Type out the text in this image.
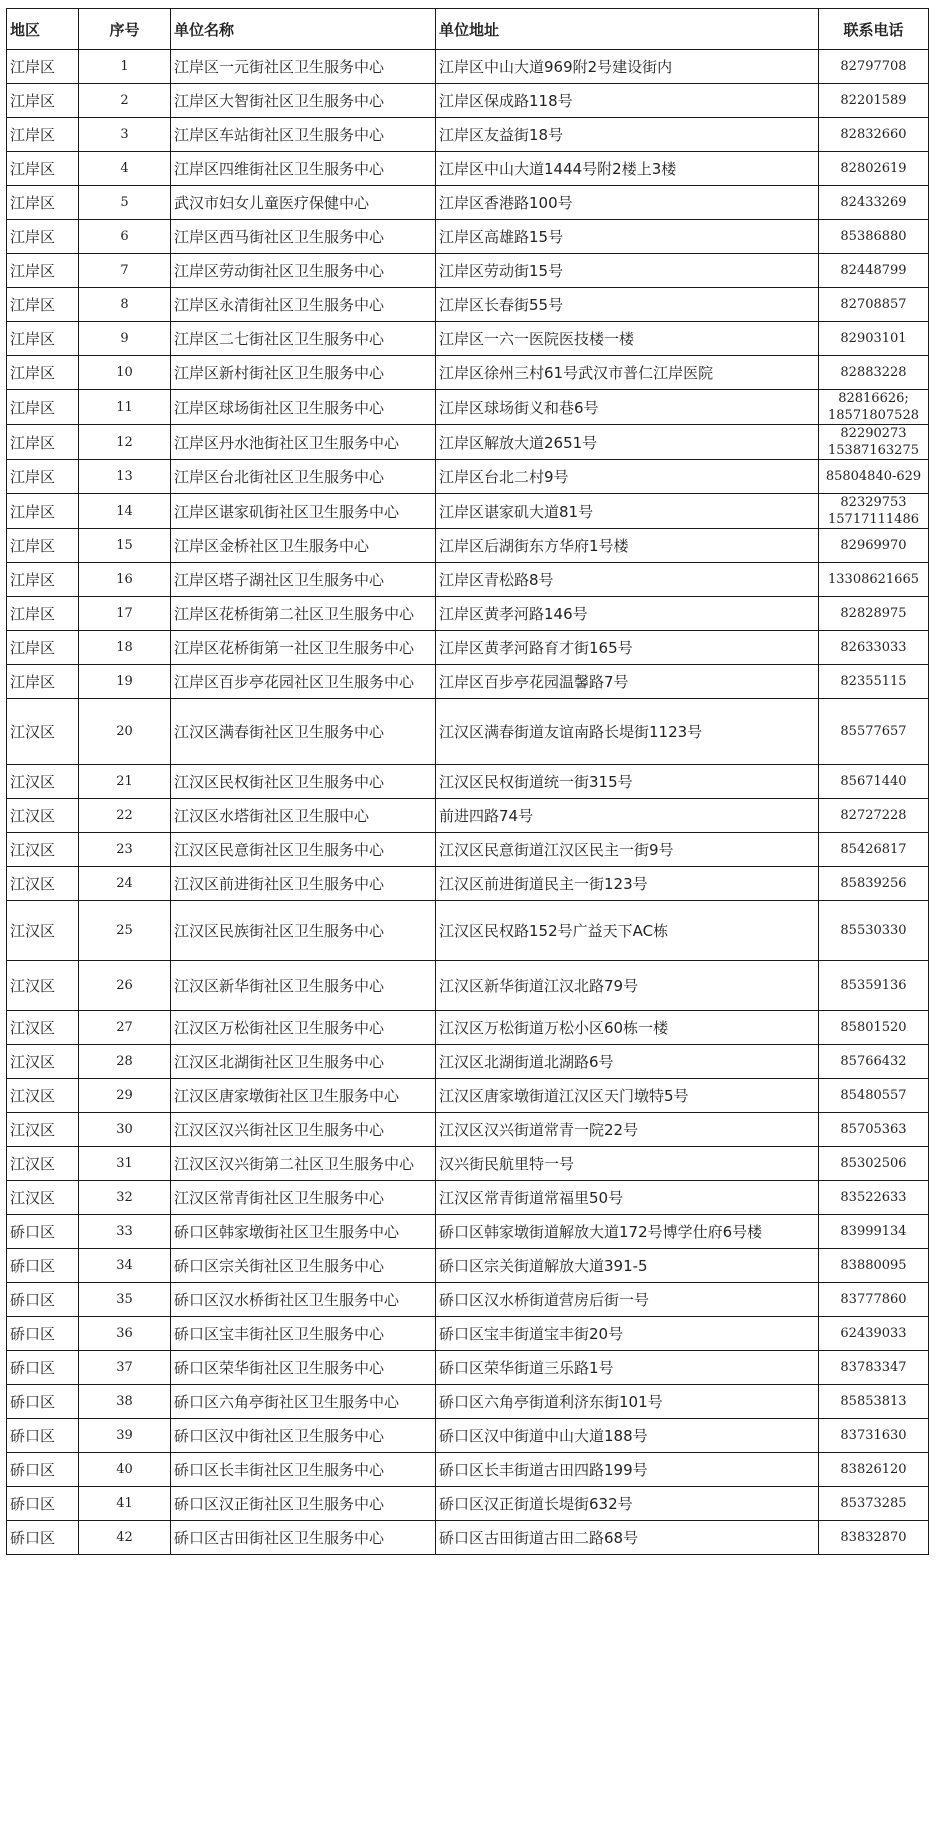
地区	序号	单位名称	单位地址	联系电话
江岸区	1	江岸区一元街社区卫生服务中心	江岸区中山大道969附2号建设街内	82797708

江岸区	2	江岸区大智街社区卫生服务中心	江岸区保成路118号	82201589

江岸区	3	江岸区车站街社区卫生服务中心	江岸区友益街18号	82832660

江岸区	4	江岸区四维街社区卫生服务中心	江岸区中山大道1444号附2楼上3楼	82802619

江岸区	5	武汉市妇女儿童医疗保健中心	江岸区香港路100号	82433269

江岸区	6	江岸区西马街社区卫生服务中心	江岸区高雄路15号	85386880

江岸区	7	江岸区劳动街社区卫生服务中心	江岸区劳动街15号	82448799

江岸区	8	江岸区永清街社区卫生服务中心	江岸区长春街55号	82708857

江岸区	9	江岸区二七街社区卫生服务中心	江岸区一六一医院医技楼一楼	82903101

江岸区	10	江岸区新村街社区卫生服务中心	江岸区徐州三村61号武汉市普仁江岸医院	82883228

江岸区	11	江岸区球场街社区卫生服务中心	江岸区球场街义和巷6号	82816626;
18571807528

江岸区	12	江岸区丹水池街社区卫生服务中心	江岸区解放大道2651号	82290273
15387163275

江岸区	13	江岸区台北街社区卫生服务中心	江岸区台北二村9号	85804840-629

江岸区	14	江岸区谌家矶街社区卫生服务中心	江岸区谌家矶大道81号	82329753
15717111486

江岸区	15	江岸区金桥社区卫生服务中心	江岸区后湖街东方华府1号楼	82969970

江岸区	16	江岸区塔子湖社区卫生服务中心	江岸区青松路8号	13308621665

江岸区	17	江岸区花桥街第二社区卫生服务中心	江岸区黄孝河路146号	82828975

江岸区	18	江岸区花桥街第一社区卫生服务中心	江岸区黄孝河路育才街165号	82633033

江岸区	19	江岸区百步亭花园社区卫生服务中心	江岸区百步亭花园温馨路7号	82355115

江汉区	20	江汉区满春街社区卫生服务中心	江汉区满春街道友谊南路长堤街1123号	85577657

江汉区	21	江汉区民权街社区卫生服务中心	江汉区民权街道统一街315号	85671440

江汉区	22	江汉区水塔街社区卫生服中心	前进四路74号	82727228

江汉区	23	江汉区民意街社区卫生服务中心	江汉区民意街道江汉区民主一街9号	85426817

江汉区	24	江汉区前进街社区卫生服务中心	江汉区前进街道民主一街123号	85839256

江汉区	25	江汉区民族街社区卫生服务中心	江汉区民权路152号广益天下AC栋	85530330

江汉区	26	江汉区新华街社区卫生服务中心	江汉区新华街道江汉北路79号	85359136

江汉区	27	江汉区万松街社区卫生服务中心	江汉区万松街道万松小区60栋一楼	85801520

江汉区	28	江汉区北湖街社区卫生服务中心	江汉区北湖街道北湖路6号	85766432

江汉区	29	江汉区唐家墩街社区卫生服务中心	江汉区唐家墩街道江汉区天门墩特5号	85480557

江汉区	30	江汉区汉兴街社区卫生服务中心	江汉区汉兴街道常青一院22号	85705363

江汉区	31	江汉区汉兴街第二社区卫生服务中心	汉兴街民航里特一号	85302506

江汉区	32	江汉区常青街社区卫生服务中心	江汉区常青街道常福里50号	83522633

硚口区	33	硚口区韩家墩街社区卫生服务中心	硚口区韩家墩街道解放大道172号博学仕府6号楼	83999134

硚口区	34	硚口区宗关街社区卫生服务中心	硚口区宗关街道解放大道391-5	83880095

硚口区	35	硚口区汉水桥街社区卫生服务中心	硚口区汉水桥街道营房后街一号	83777860

硚口区	36	硚口区宝丰街社区卫生服务中心	硚口区宝丰街道宝丰街20号	62439033

硚口区	37	硚口区荣华街社区卫生服务中心	硚口区荣华街道三乐路1号	83783347

硚口区	38	硚口区六角亭街社区卫生服务中心	硚口区六角亭街道利济东街101号	85853813

硚口区	39	硚口区汉中街社区卫生服务中心	硚口区汉中街道中山大道188号	83731630

硚口区	40	硚口区长丰街社区卫生服务中心	硚口区长丰街道古田四路199号	83826120

硚口区	41	硚口区汉正街社区卫生服务中心	硚口区汉正街道长堤街632号	85373285

硚口区	42	硚口区古田街社区卫生服务中心	硚口区古田街道古田二路68号	83832870
